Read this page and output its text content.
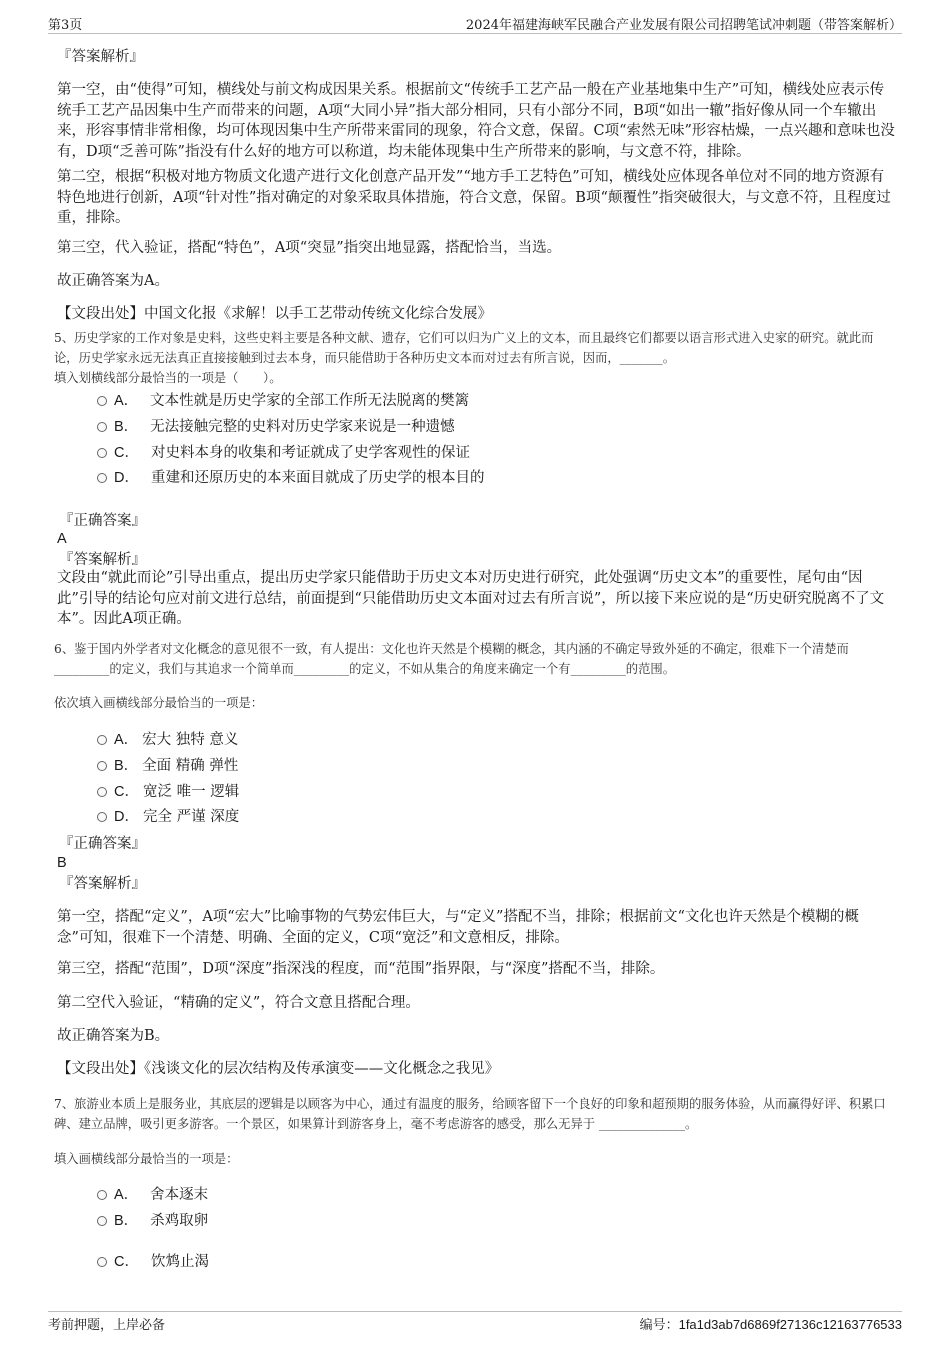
第3页	2024年福建海峡军民融合产业发展有限公司招聘笔试冲刺题（带答案解析）
『答案解析』
第一空，由“使得”可知，横线处与前文构成因果关系。根据前文“传统手工艺产品一般在产业基地集中生产”可知，横线处应表示传统手工艺产品因集中生产而带来的问题，A项“大同小异”指大部分相同，只有小部分不同，B项“如出一辙”指好像从同一个车辙出来，形容事情非常相像，均可体现因集中生产所带来雷同的现象，符合文意，保留。C项“索然无味”形容枯燥，一点兴趣和意味也没有，D项“乏善可陈”指没有什么好的地方可以称道，均未能体现集中生产所带来的影响，与文意不符，排除。
第二空，根据“积极对地方物质文化遗产进行文化创意产品开发”“地方手工艺特色”可知，横线处应体现各单位对不同的地方资源有特色地进行创新，A项“针对性”指对确定的对象采取具体措施，符合文意，保留。B项“颠覆性”指突破很大，与文意不符，且程度过重，排除。
第三空，代入验证，搭配“特色”，A项“突显”指突出地显露，搭配恰当，当选。
故正确答案为A。
【文段出处】中国文化报《求解！以手工艺带动传统文化综合发展》
5、历史学家的工作对象是史料，这些史料主要是各种文献、遗存，它们可以归为广义上的文本，而且最终它们都要以语言形式进入史家的研究。就此而论，历史学家永远无法真正直接接触到过去本身，而只能借助于各种历史文本而对过去有所言说，因而，_______。
填入划横线部分最恰当的一项是（　　）。
A． 文本性就是历史学家的全部工作所无法脱离的樊篱
B． 无法接触完整的史料对历史学家来说是一种遗憾
C． 对史料本身的收集和考证就成了史学客观性的保证
D． 重建和还原历史的本来面目就成了历史学的根本目的
『正确答案』
A
『答案解析』
文段由“就此而论”引导出重点，提出历史学家只能借助于历史文本对历史进行研究，此处强调“历史文本”的重要性，尾句由“因此”引导的结论句应对前文进行总结，前面提到“只能借助历史文本面对过去有所言说”，所以接下来应说的是“历史研究脱离不了文本”。因此A项正确。
6、鉴于国内外学者对文化概念的意见很不一致，有人提出：文化也许天然是个模糊的概念，其内涵的不确定导致外延的不确定，很难下一个清楚而_________的定义，我们与其追求一个简单而_________的定义，不如从集合的角度来确定一个有_________的范围。
依次填入画横线部分最恰当的一项是：
A． 宏大 独特 意义
B． 全面 精确 弹性
C． 宽泛 唯一 逻辑
D． 完全 严谨 深度
『正确答案』
B
『答案解析』
第一空，搭配“定义”，A项“宏大”比喻事物的气势宏伟巨大，与“定义”搭配不当，排除；根据前文“文化也许天然是个模糊的概念”可知，很难下一个清楚、明确、全面的定义，C项“宽泛”和文意相反，排除。
第三空，搭配“范围”，D项“深度”指深浅的程度，而“范围”指界限，与“深度”搭配不当，排除。
第二空代入验证，“精确的定义”，符合文意且搭配合理。
故正确答案为B。
【文段出处】《浅谈文化的层次结构及传承演变——文化概念之我见》
7、旅游业本质上是服务业，其底层的逻辑是以顾客为中心，通过有温度的服务，给顾客留下一个良好的印象和超预期的服务体验，从而赢得好评、积累口碑、建立品牌，吸引更多游客。一个景区，如果算计到游客身上，毫不考虑游客的感受，那么无异于 ______________。
填入画横线部分最恰当的一项是：
A． 舍本逐末
B． 杀鸡取卵
C． 饮鸩止渴
考前押题，上岸必备	编号：1fa1d3ab7d6869f27136c12163776533
